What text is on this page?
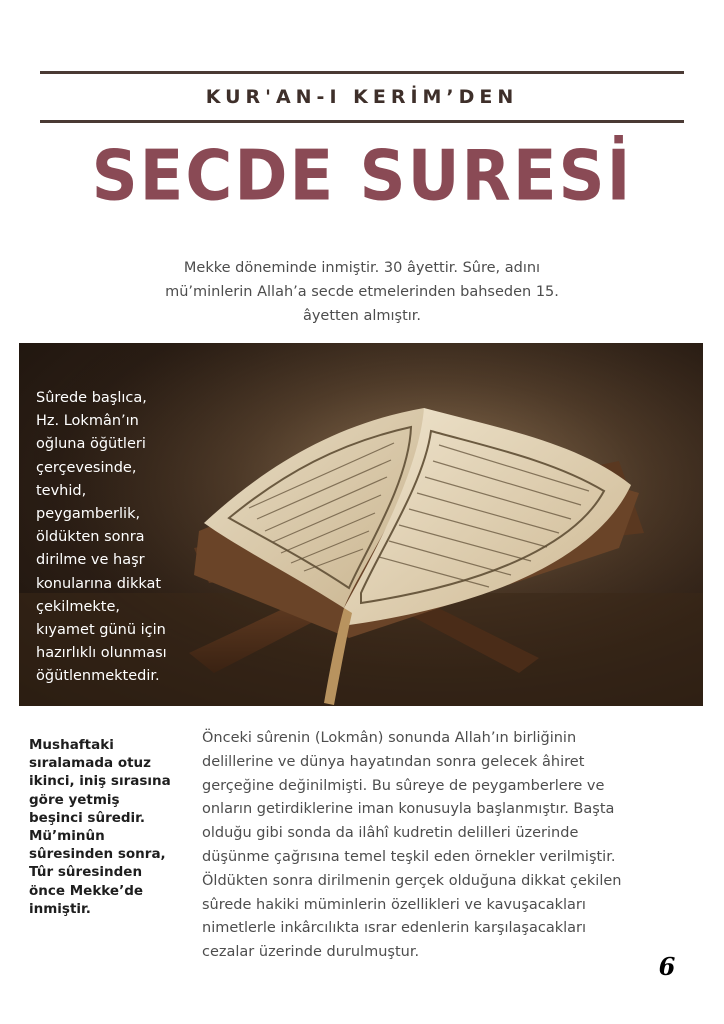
KUR'AN-I KERİM’DEN
SECDE SURESİ
Mekke döneminde inmiştir. 30 âyettir. Sûre, adını
mü’minlerin Allah’a secde etmelerinden bahseden 15.
âyetten almıştır.
Sûrede başlıca,
Hz. Lokmân’ın
oğluna öğütleri
çerçevesinde,
tevhid,
peygamberlik,
öldükten sonra
dirilme ve haşr
konularına dikkat
çekilmekte,
kıyamet günü için
hazırlıklı olunması
öğütlenmektedir.
Mushaftaki
sıralamada otuz
ikinci, iniş sırasına
göre yetmiş
beşinci sûredir.
Mü’minûn
sûresinden sonra,
Tûr sûresinden
önce Mekke’de
inmiştir.
Önceki sûrenin (Lokmân) sonunda Allah’ın birliğinin
delillerine ve dünya hayatından sonra gelecek âhiret
gerçeğine değinilmişti. Bu sûreye de peygamberlere ve
onların getirdiklerine iman konusuyla başlanmıştır. Başta
olduğu gibi sonda da ilâhî kudretin delilleri üzerinde
düşünme çağrısına temel teşkil eden örnekler verilmiştir.
Öldükten sonra dirilmenin gerçek olduğuna dikkat çekilen
sûrede hakiki müminlerin özellikleri ve kavuşacakları
nimetlerle inkârcılıkta ısrar edenlerin karşılaşacakları
cezalar üzerinde durulmuştur.	6
